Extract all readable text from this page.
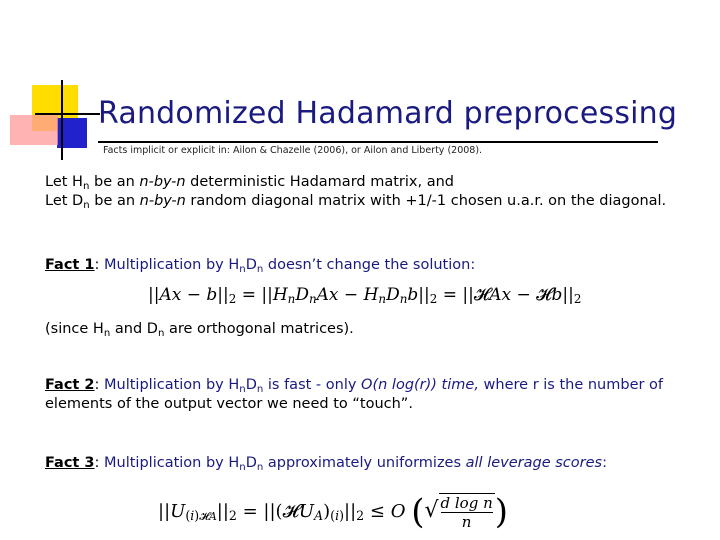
Randomized Hadamard preprocessing
Facts implicit or explicit in: Ailon & Chazelle (2006), or Ailon and Liberty (2008).
Let $H_n$ be an n-by-n deterministic Hadamard matrix, and
Let $D_n$ be an n-by-n random diagonal matrix with +1/-1 chosen u.a.r. on the diagonal.
Fact 1: Multiplication by $H_nD_n$ doesn’t change the solution:
$||Ax - b||_2 = ||H_nD_nAx - H_nD_nb||_2$ = ||𝓗Ax − $𝓗b||_2$
(since $H_n$ and $D_n$ are orthogonal matrices).
Fact 2: Multiplication by $H_nD_n$ is fast - only O(n log(r)) time, where r is the number of
elements of the output vector we need to “touch”.
Fact 3: Multiplication by $H_nD_n$ approximately uniformizes all leverage scores:
$||U_{(i)𝓗A}||_2$ = $||(𝓗U_A)_{(i)}||_2 \le O$ (√ $\frac{\text{d log n}}{n}$ )
